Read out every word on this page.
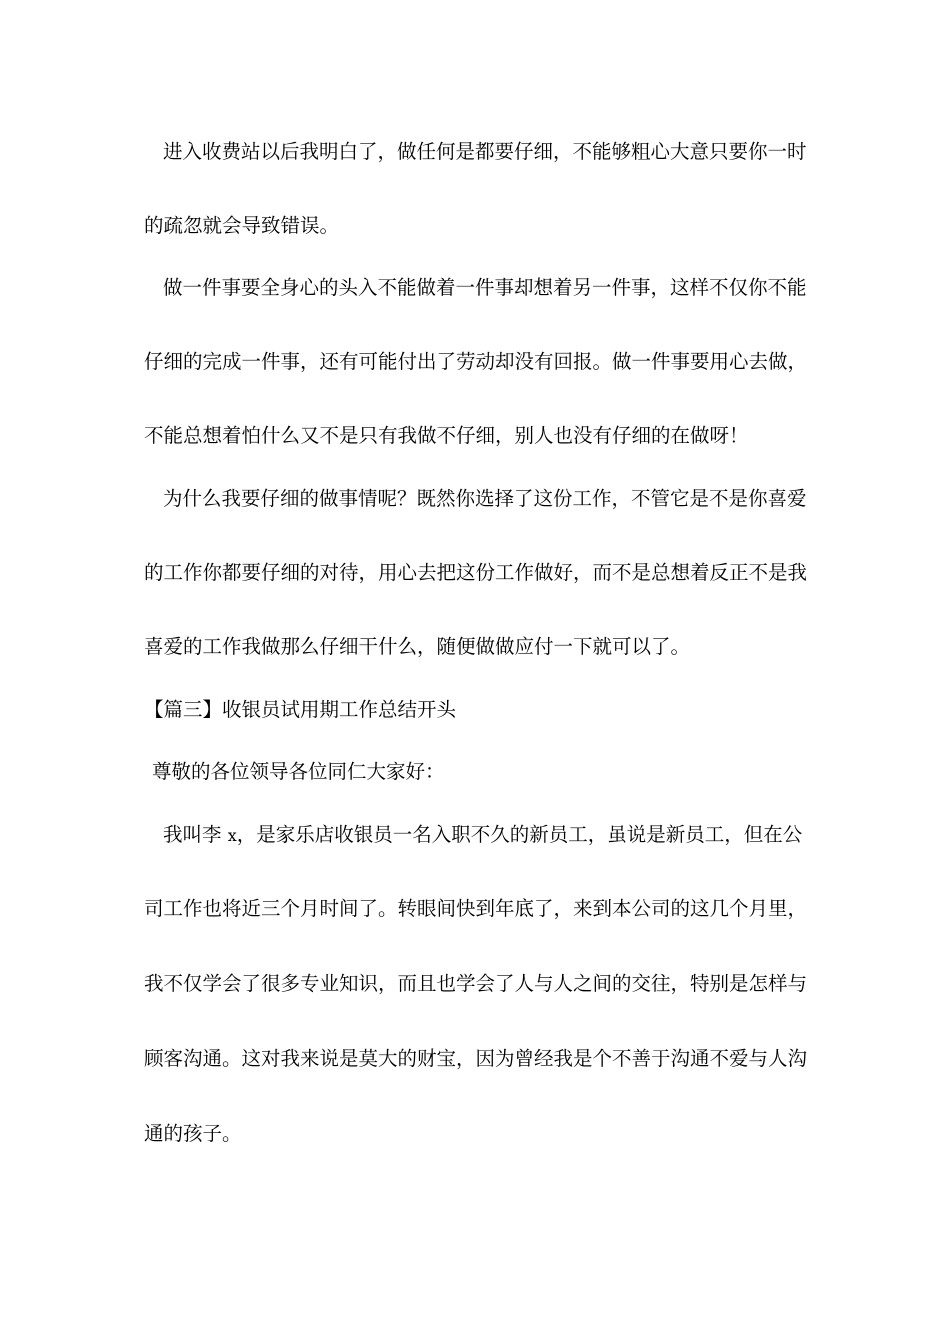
进入收费站以后我明白了，做任何是都要仔细，不能够粗心大意只要你一时
的疏忽就会导致错误。
做一件事要全身心的头入不能做着一件事却想着另一件事，这样不仅你不能
仔细的完成一件事，还有可能付出了劳动却没有回报。做一件事要用心去做，
不能总想着怕什么又不是只有我做不仔细，别人也没有仔细的在做呀！
为什么我要仔细的做事情呢？既然你选择了这份工作，不管它是不是你喜爱
的工作你都要仔细的对待，用心去把这份工作做好，而不是总想着反正不是我
喜爱的工作我做那么仔细干什么，随便做做应付一下就可以了。
【篇三】收银员试用期工作总结开头
尊敬的各位领导各位同仁大家好：
我叫李 x，是家乐店收银员一名入职不久的新员工，虽说是新员工，但在公
司工作也将近三个月时间了。转眼间快到年底了，来到本公司的这几个月里，
我不仅学会了很多专业知识，而且也学会了人与人之间的交往，特别是怎样与
顾客沟通。这对我来说是莫大的财宝，因为曾经我是个不善于沟通不爱与人沟
通的孩子。
